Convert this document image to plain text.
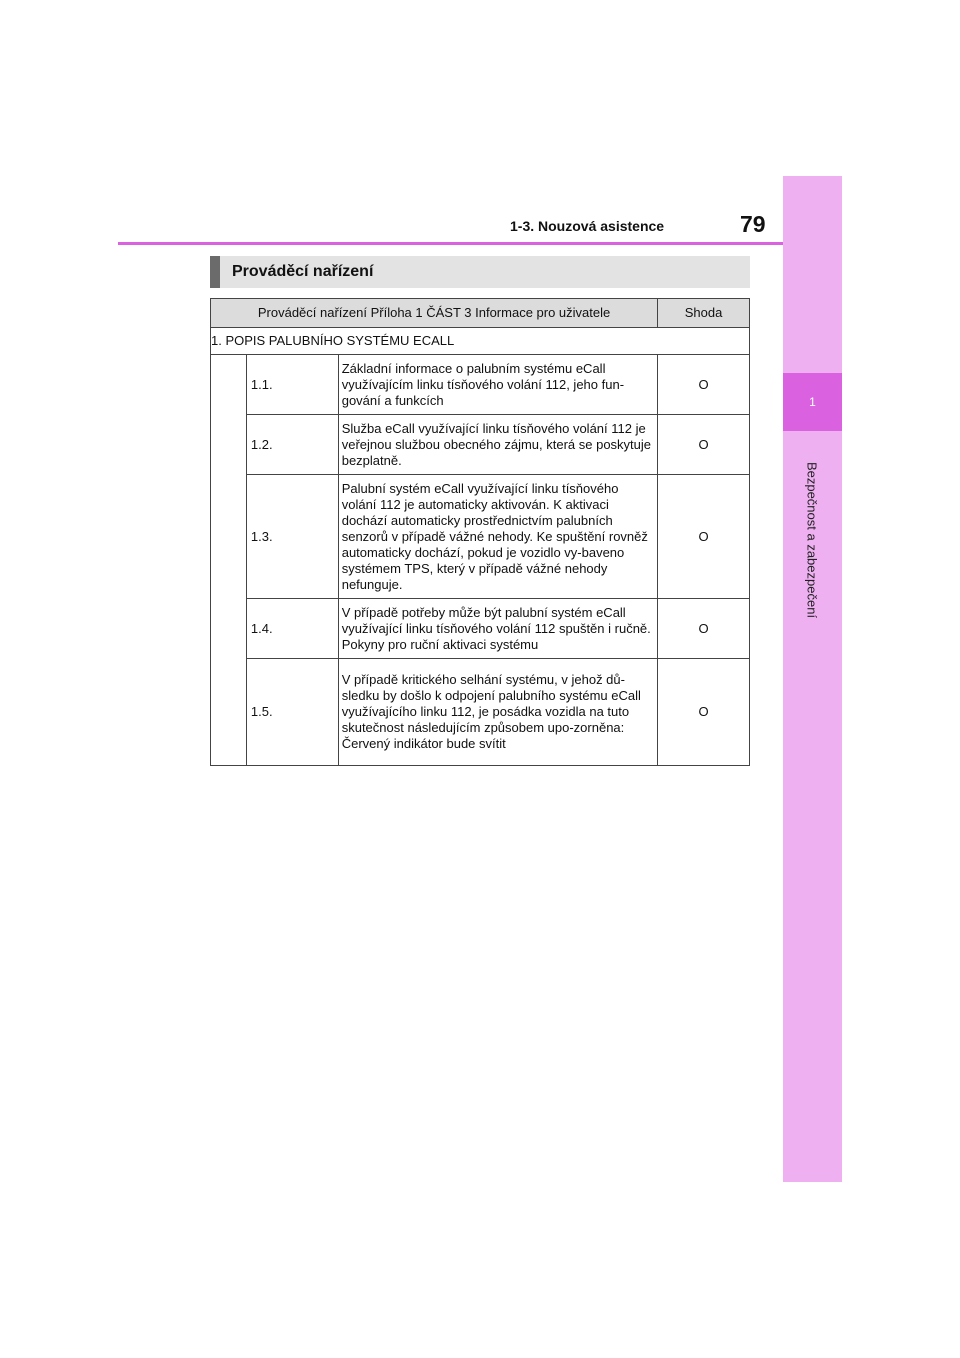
1
Bezpečnost a zabezpečení
1-3. Nouzová asistence	79
Prováděcí nařízení
Prováděcí nařízení Příloha 1 ČÁST 3 Informace pro uživatele			Shoda
1. POPIS PALUBNÍHO SYSTÉMU ECALL			
	1.1.	Základní informace o palubním systému eCall využívajícím linku tísňového volání 112, jeho fun-gování a funkcích	O
	1.2.	Služba eCall využívající linku tísňového volání 112 je veřejnou službou obecného zájmu, která se poskytuje bezplatně.	O
	1.3.	Palubní systém eCall využívající linku tísňového volání 112 je automaticky aktivován. K aktivaci dochází automaticky prostřednictvím palubních senzorů v případě vážné nehody. Ke spuštění rovněž automaticky dochází, pokud je vozidlo vy-baveno systémem TPS, který v případě vážné nehody nefunguje.	O
	1.4.	V případě potřeby může být palubní systém eCall využívající linku tísňového volání 112 spuštěn i ručně. Pokyny pro ruční aktivaci systému	O
	1.5.	V případě kritického selhání systému, v jehož dů-sledku by došlo k odpojení palubního systému eCall využívajícího linku 112, je posádka vozidla na tuto skutečnost následujícím způsobem upo-zorněna: Červený indikátor bude svítit	O
